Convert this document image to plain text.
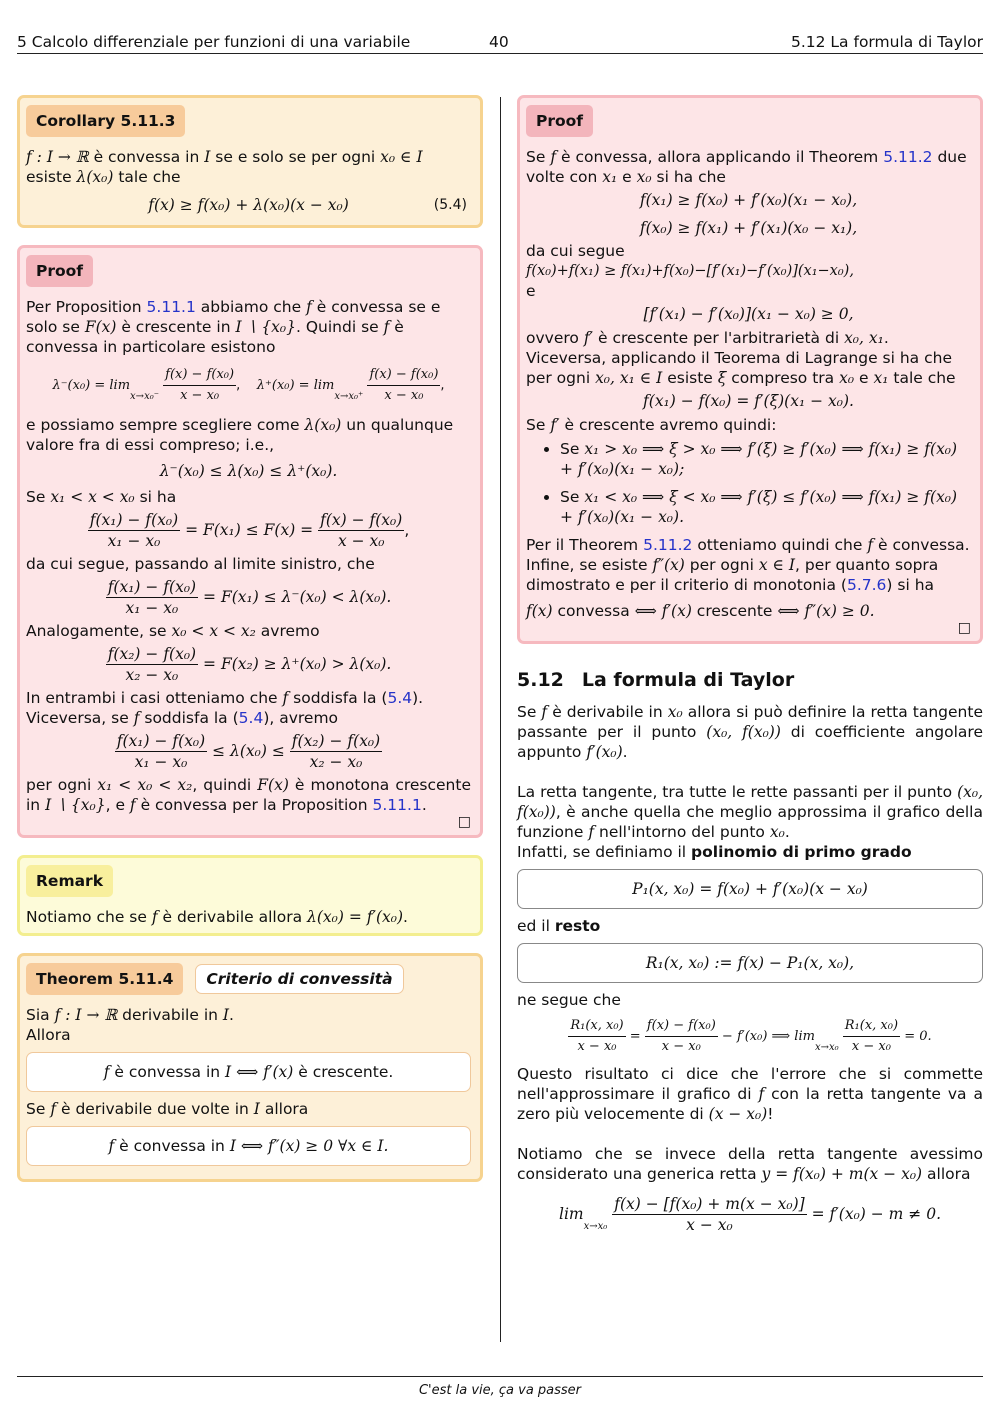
5 Calcolo differenziale per funzioni di una variabile	40	5.12 La formula di Taylor
Corollary 5.11.3

f : I → ℝ è convessa in I se e solo se per ogni x₀ ∈ I
esiste λ(x₀) tale che

f(x) ≥ f(x₀) + λ(x₀)(x − x₀)	(5.4)
Proof

Per Proposition 5.11.1 abbiamo che f è convessa se e solo se F(x) è crescente in I ∖ {x₀}. Quindi se f è convessa in particolare esistono

$\lambda^-(x_0) = \lim_{x\to x_0^-} \frac{\text{f(x) − f(x₀)}}{\text{x − x₀}}$ ,    $\lambda^+(x_0) = \lim_{x\to x_0^+} \frac{\text{f(x) − f(x₀)}}{\text{x − x₀}}$ ,

e possiamo sempre scegliere come λ(x₀) un qualunque valore fra di essi compreso; i.e.,

λ⁻(x₀) ≤ λ(x₀) ≤ λ⁺(x₀).

Se x₁ < x < x₀ si ha

$\frac{\text{f(x₁) − f(x₀)}}{\text{x₁ − x₀}} = F(x_1) \le F(x) = \frac{\text{f(x) − f(x₀)}}{\text{x − x₀}}$ ,

da cui segue, passando al limite sinistro, che

$\frac{\text{f(x₁) − f(x₀)}}{\text{x₁ − x₀}} = F(x_1) \le \lambda^-(x_0) < \lambda(x_0)$.

Analogamente, se x₀ < x < x₂ avremo

$\frac{\text{f(x₂) − f(x₀)}}{\text{x₂ − x₀}} = F(x_2) \ge \lambda^+(x_0) > \lambda(x_0)$.

In entrambi i casi otteniamo che f soddisfa la (5.4).
Viceversa, se f soddisfa la (5.4), avremo

$\frac{\text{f(x₁) − f(x₀)}}{\text{x₁ − x₀}} \le \lambda(x_0) \le \frac{\text{f(x₂) − f(x₀)}}{\text{x₂ − x₀}}$

per ogni x₁ < x₀ < x₂, quindi F(x) è monotona crescente in I ∖ {x₀}, e f è convessa per la Proposition 5.11.1.

□
Remark

Notiamo che se f è derivabile allora λ(x₀) = f′(x₀).

Theorem 5.11.4 Criterio di convessità

Sia f : I → ℝ derivabile in I.
Allora

f è convessa in I ⟺ f′(x) è crescente.

Se f è derivabile due volte in I allora

f è convessa in I ⟺ f″(x) ≥ 0 ∀x ∈ I.
Proof

Se f è convessa, allora applicando il Theorem 5.11.2 due volte con x₁ e x₀ si ha che

f(x₁) ≥ f(x₀) + f′(x₀)(x₁ − x₀),
f(x₀) ≥ f(x₁) + f′(x₁)(x₀ − x₁),

da cui segue

f(x₀)+f(x₁) ≥ f(x₁)+f(x₀)−[f′(x₁)−f′(x₀)](x₁−x₀),

e

[f′(x₁) − f′(x₀)](x₁ − x₀) ≥ 0,

ovvero f′ è crescente per l'arbitrarietà di x₀, x₁.
Viceversa, applicando il Teorema di Lagrange si ha che per ogni x₀, x₁ ∈ I esiste ξ compreso tra x₀ e x₁ tale che

f(x₁) − f(x₀) = f′(ξ)(x₁ − x₀).

Se f′ è crescente avremo quindi:

• Se x₁ > x₀ ⟹ ξ > x₀ ⟹ f′(ξ) ≥ f′(x₀) ⟹ f(x₁) ≥ f(x₀) + f′(x₀)(x₁ − x₀);
• Se x₁ < x₀ ⟹ ξ < x₀ ⟹ f′(ξ) ≤ f′(x₀) ⟹ f(x₁) ≥ f(x₀) + f′(x₀)(x₁ − x₀).

Per il Theorem 5.11.2 otteniamo quindi che f è convessa.
Infine, se esiste f″(x) per ogni x ∈ I, per quanto sopra dimostrato e per il criterio di monotonia (5.7.6) si ha

f(x) convessa ⟺ f′(x) crescente ⟺ f″(x) ≥ 0.
□
5.12 La formula di Taylor

Se f è derivabile in x₀ allora si può definire la retta tangente passante per il punto (x₀, f(x₀)) di coefficiente angolare appunto f′(x₀).

La retta tangente, tra tutte le rette passanti per il punto (x₀, f(x₀)), è anche quella che meglio approssima il grafico della funzione f nell'intorno del punto x₀.
Infatti, se definiamo il polinomio di primo grado

P₁(x, x₀) = f(x₀) + f′(x₀)(x − x₀)

ed il resto

R₁(x, x₀) := f(x) − P₁(x, x₀),

ne segue che

$\frac{\text{R₁(x, x₀)}}{\text{x − x₀}} = \frac{\text{f(x) − f(x₀)}}{\text{x − x₀}} - f'(x_0)$ ⟹ $\lim_{x\to x_0} \frac{\text{R₁(x, x₀)}}{\text{x − x₀}} = 0$.

Questo risultato ci dice che l'errore che si commette nell'approssimare il grafico di f con la retta tangente va a zero più velocemente di (x − x₀)!

Notiamo che se invece della retta tangente avessimo considerato una generica retta y = f(x₀) + m(x − x₀) allora

$\lim_{x\to x_0} \frac{\text{f(x) − [f(x₀) + m(x − x₀)]}}{\text{x − x₀}} = f'(x_0) - m \ne 0$.
C'est la vie, ça va passer
